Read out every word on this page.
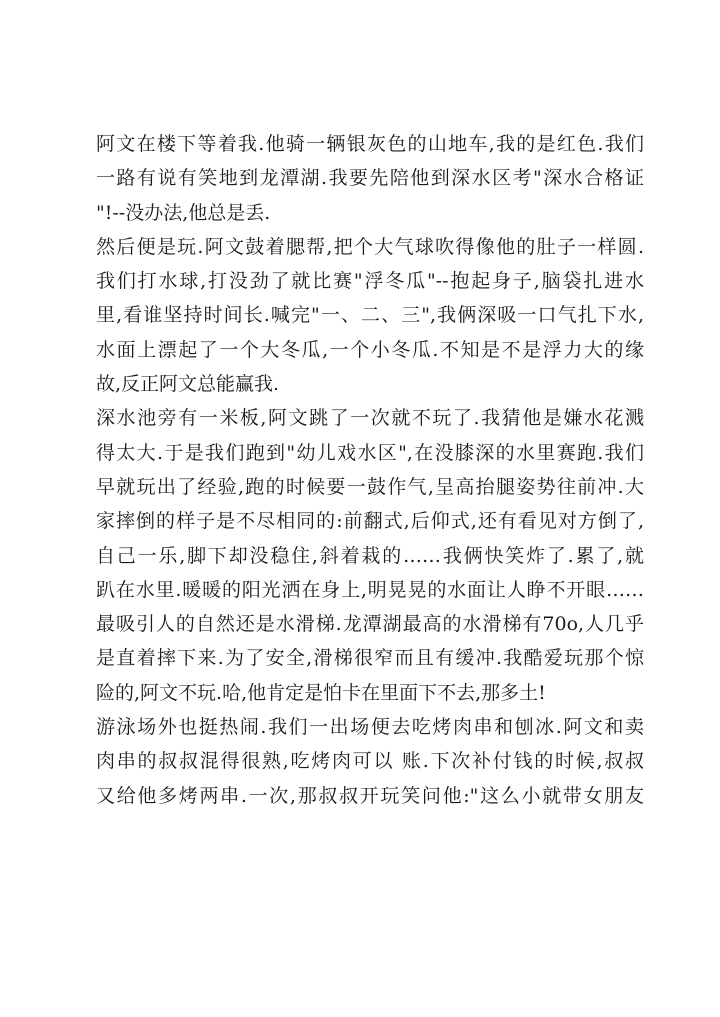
阿文在楼下等着我.他骑一辆银灰色的山地车,我的是红色.我们
一路有说有笑地到龙潭湖.我要先陪他到深水区考"深水合格证
"!--没办法,他总是丢.
然后便是玩.阿文鼓着腮帮,把个大气球吹得像他的肚子一样圆.
我们打水球,打没劲了就比赛"浮冬瓜"--抱起身子,脑袋扎进水
里,看谁坚持时间长.喊完"一、二、三",我俩深吸一口气扎下水,
水面上漂起了一个大冬瓜,一个小冬瓜.不知是不是浮力大的缘
故,反正阿文总能赢我.
深水池旁有一米板,阿文跳了一次就不玩了.我猜他是嫌水花溅
得太大.于是我们跑到"幼儿戏水区",在没膝深的水里赛跑.我们
早就玩出了经验,跑的时候要一鼓作气,呈高抬腿姿势往前冲.大
家摔倒的样子是不尽相同的:前翻式,后仰式,还有看见对方倒了,
自己一乐,脚下却没稳住,斜着栽的……我俩快笑炸了.累了,就
趴在水里.暖暖的阳光洒在身上,明晃晃的水面让人睁不开眼……
最吸引人的自然还是水滑梯.龙潭湖最高的水滑梯有70o,人几乎
是直着摔下来.为了安全,滑梯很窄而且有缓冲.我酷爱玩那个惊
险的,阿文不玩.哈,他肯定是怕卡在里面下不去,那多土!
游泳场外也挺热闹.我们一出场便去吃烤肉串和刨冰.阿文和卖
肉串的叔叔混得很熟,吃烤肉可以 账.下次补付钱的时候,叔叔
又给他多烤两串.一次,那叔叔开玩笑问他:"这么小就带女朋友
